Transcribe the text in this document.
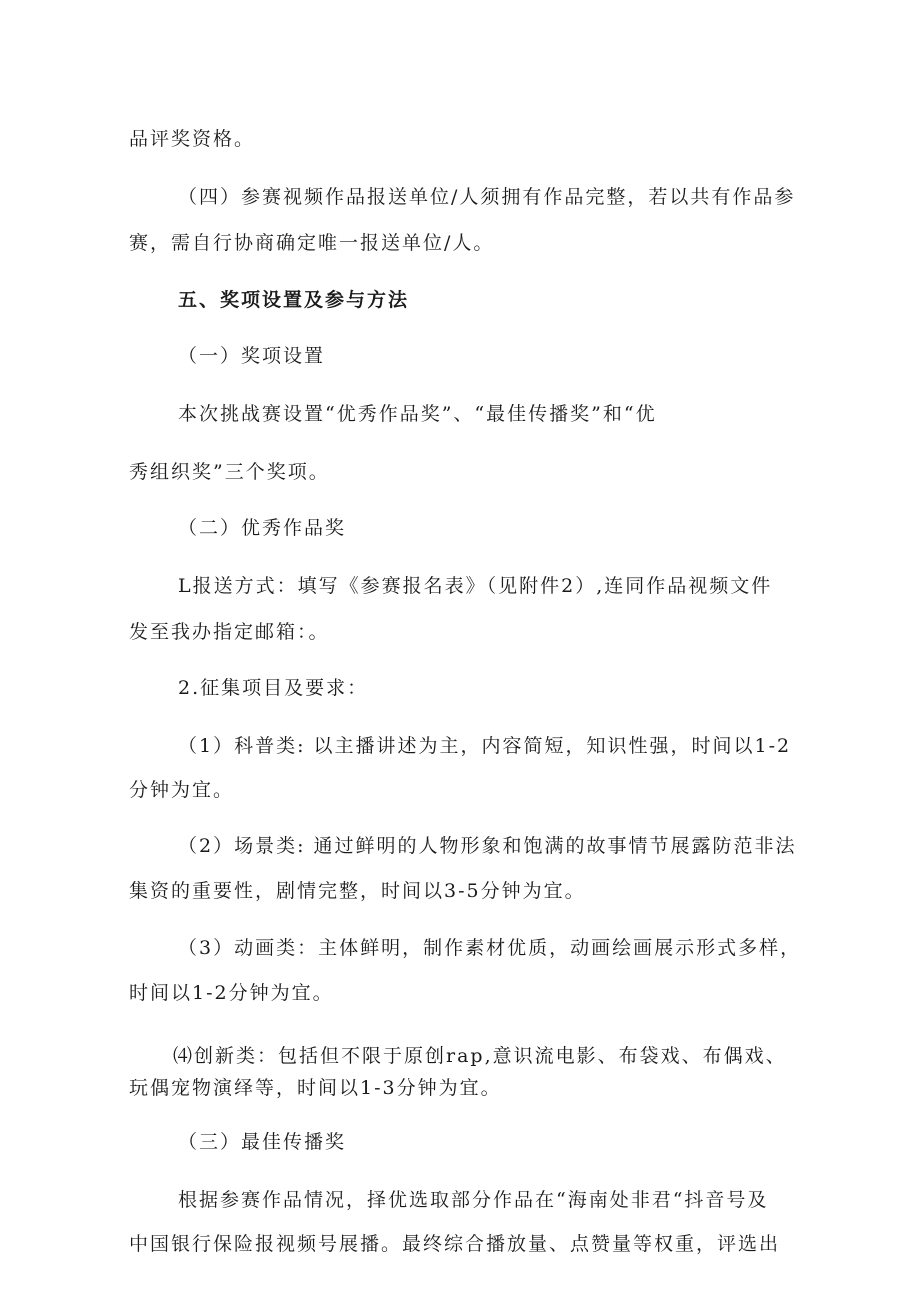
品评奖资格。
（四）参赛视频作品报送单位/人须拥有作品完整，若以共有作品参
赛，需自行协商确定唯一报送单位/人。
五、奖项设置及参与方法
（一）奖项设置
本次挑战赛设置“优秀作品奖”、“最佳传播奖”和“优
秀组织奖”三个奖项。
（二）优秀作品奖
L报送方式：填写《参赛报名表》（见附件2）,连同作品视频文件
发至我办指定邮箱：。
2.征集项目及要求：
（1）科普类: 以主播讲述为主，内容简短，知识性强，时间以1-2
分钟为宜。
（2）场景类: 通过鲜明的人物形象和饱满的故事情节展露防范非法
集资的重要性，剧情完整，时间以3-5分钟为宜。
（3）动画类：主体鲜明，制作素材优质，动画绘画展示形式多样，
时间以1-2分钟为宜。
⑷创新类：包括但不限于原创rap,意识流电影、布袋戏、布偶戏、
玩偶宠物演绎等，时间以1-3分钟为宜。
（三）最佳传播奖
根据参赛作品情况，择优选取部分作品在“海南处非君“抖音号及
中国银行保险报视频号展播。最终综合播放量、点赞量等权重，评选出
